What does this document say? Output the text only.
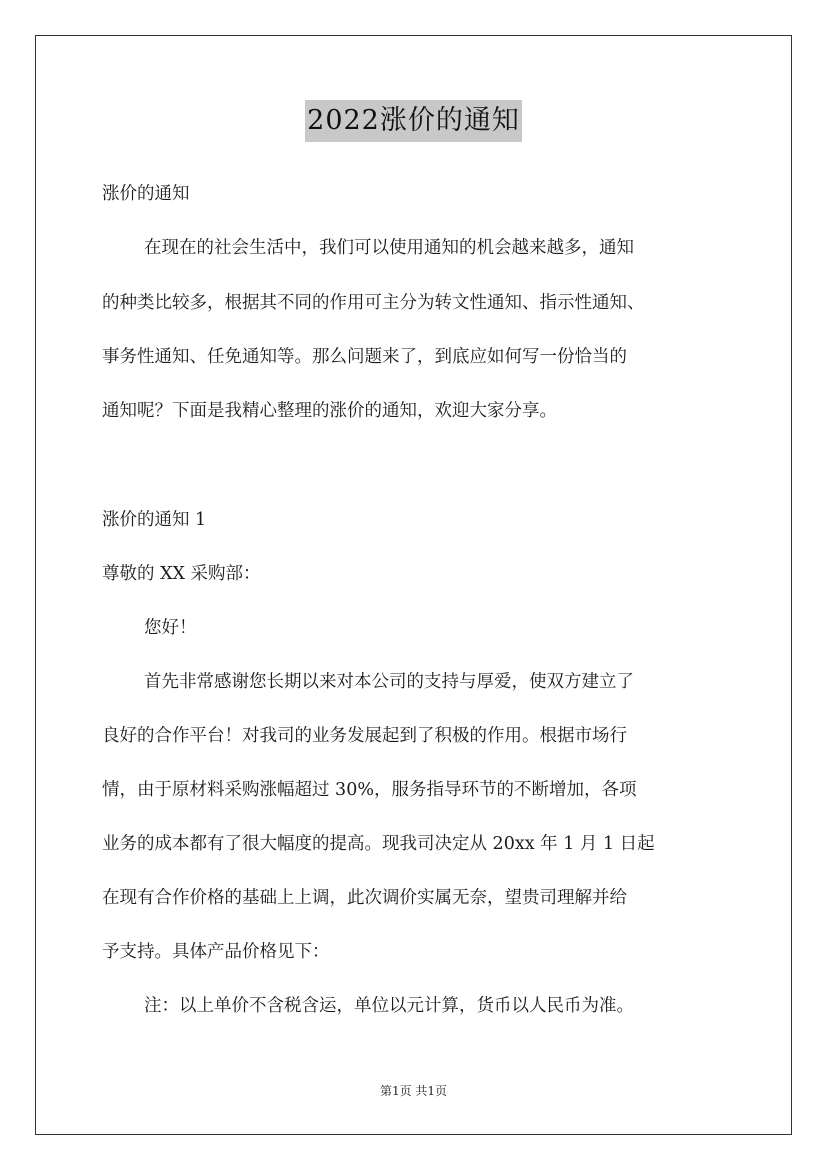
2022涨价的通知
涨价的通知
在现在的社会生活中，我们可以使用通知的机会越来越多，通知
的种类比较多，根据其不同的作用可主分为转文性通知、指示性通知、
事务性通知、任免通知等。那么问题来了，到底应如何写一份恰当的
通知呢？下面是我精心整理的涨价的通知，欢迎大家分享。
涨价的通知 1
尊敬的 XX 采购部：
您好！
首先非常感谢您长期以来对本公司的支持与厚爱，使双方建立了
良好的合作平台！对我司的业务发展起到了积极的作用。根据市场行
情，由于原材料采购涨幅超过 30%，服务指导环节的不断增加，各项
业务的成本都有了很大幅度的提高。现我司决定从 20xx 年 1 月 1 日起
在现有合作价格的基础上上调，此次调价实属无奈，望贵司理解并给
予支持。具体产品价格见下：
注：以上单价不含税含运，单位以元计算，货币以人民币为准。
第1页 共1页
